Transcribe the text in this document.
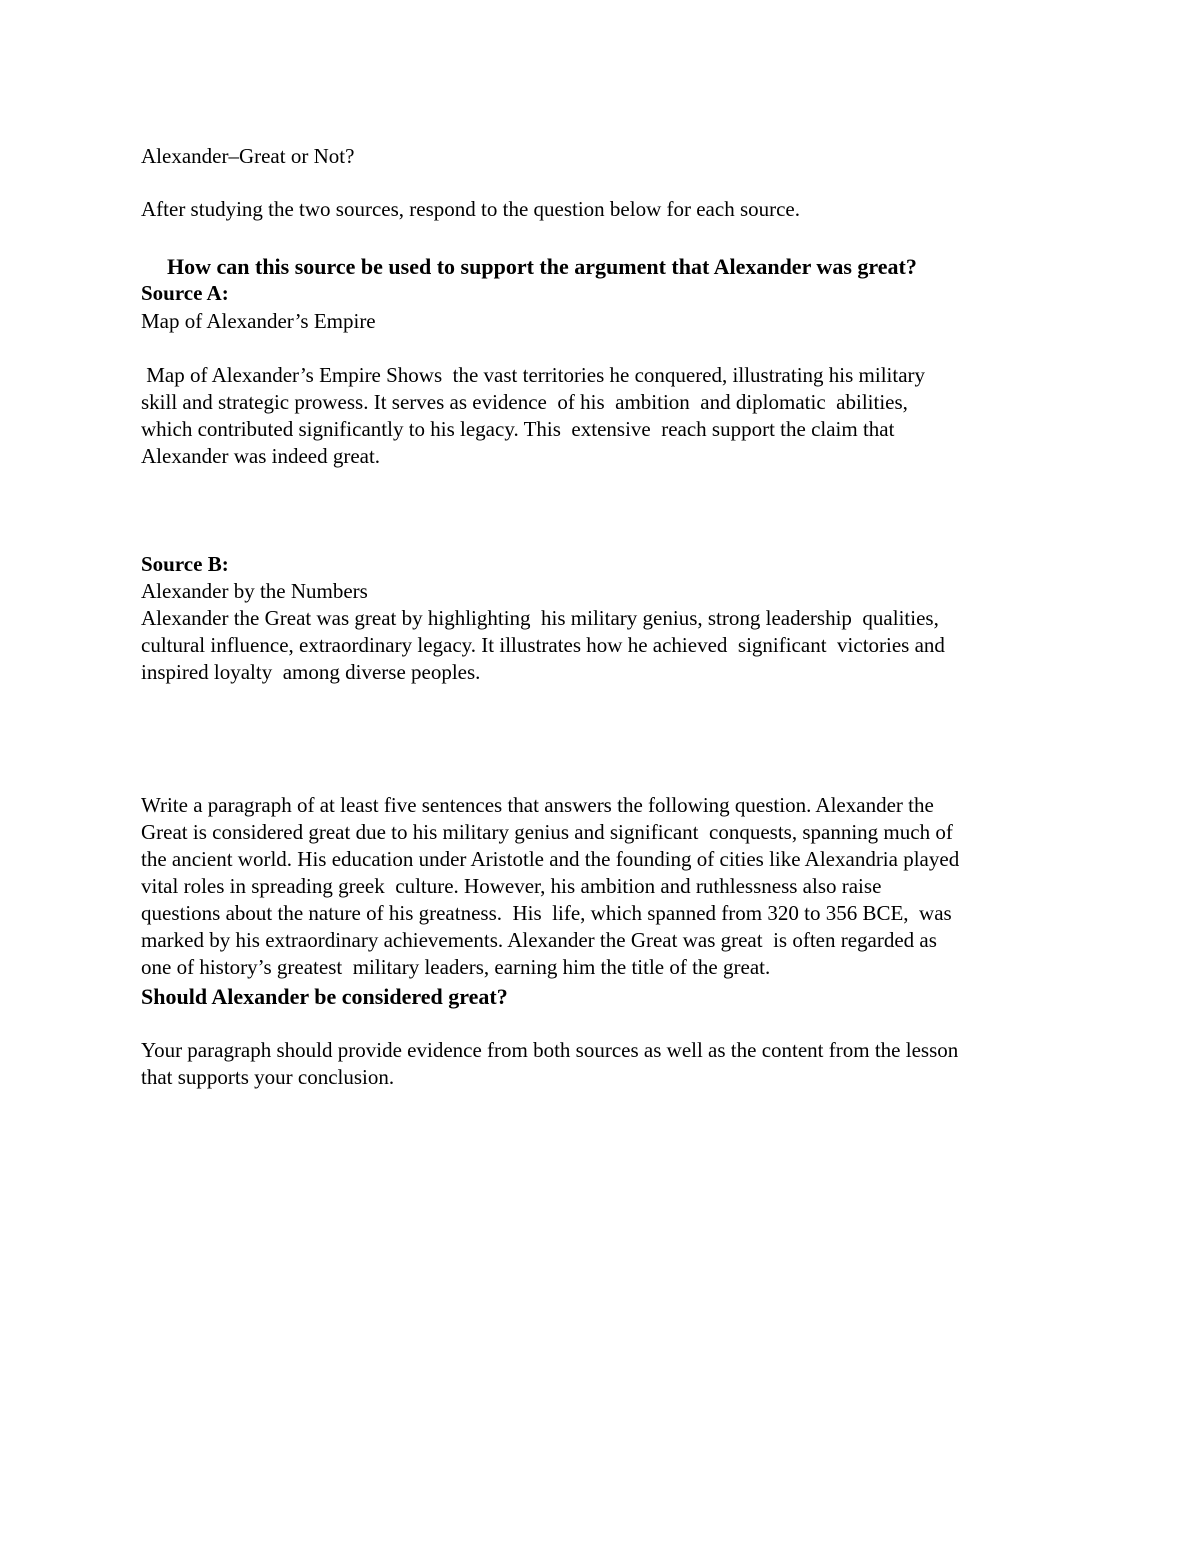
Alexander–Great or Not?
After studying the two sources, respond to the question below for each source.
How can this source be used to support the argument that Alexander was great?
Source A:
Map of Alexander’s Empire
Map of Alexander’s Empire Shows  the vast territories he conquered, illustrating his military
skill and strategic prowess. It serves as evidence  of his  ambition  and diplomatic  abilities,
which contributed significantly to his legacy. This  extensive  reach support the claim that
Alexander was indeed great.
Source B:
Alexander by the Numbers
Alexander the Great was great by highlighting  his military genius, strong leadership  qualities,
cultural influence, extraordinary legacy. It illustrates how he achieved  significant  victories and
inspired loyalty  among diverse peoples.
Write a paragraph of at least five sentences that answers the following question. Alexander the
Great is considered great due to his military genius and significant  conquests, spanning much of
the ancient world. His education under Aristotle and the founding of cities like Alexandria played
vital roles in spreading greek  culture. However, his ambition and ruthlessness also raise
questions about the nature of his greatness.  His  life, which spanned from 320 to 356 BCE,  was
marked by his extraordinary achievements. Alexander the Great was great  is often regarded as
one of history’s greatest  military leaders, earning him the title of the great.
Should Alexander be considered great?
Your paragraph should provide evidence from both sources as well as the content from the lesson
that supports your conclusion.
